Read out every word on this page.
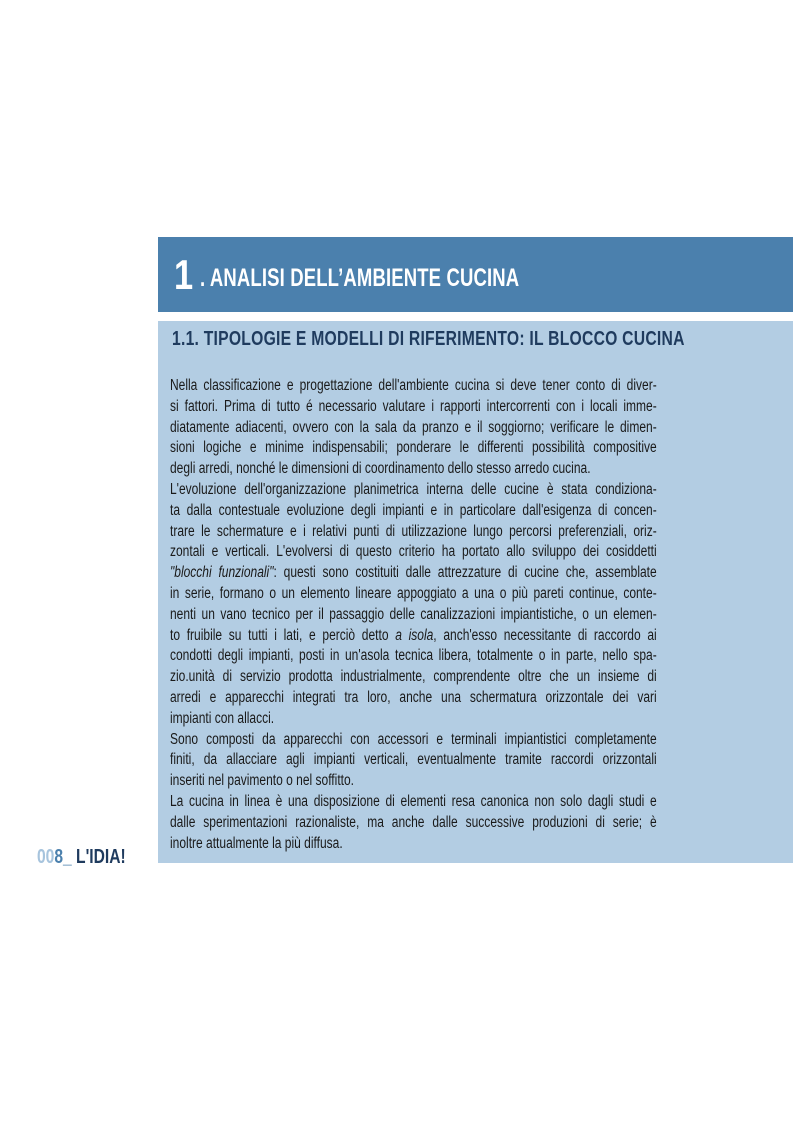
1 . ANALISI DELL’AMBIENTE CUCINA
1.1. TIPOLOGIE E MODELLI DI RIFERIMENTO: IL BLOCCO CUCINA
Nella classificazione e progettazione dell'ambiente cucina si deve tener conto di diver-
si fattori. Prima di tutto é necessario valutare i rapporti intercorrenti con i locali imme-
diatamente adiacenti, ovvero con la sala da pranzo e il soggiorno; verificare le dimen-
sioni logiche e minime indispensabili; ponderare le differenti possibilità compositive
degli arredi, nonché le dimensioni di coordinamento dello stesso arredo cucina.
L'evoluzione dell'organizzazione planimetrica interna delle cucine è stata condiziona-
ta dalla contestuale evoluzione degli impianti e in particolare dall'esigenza di concen-
trare le schermature e i relativi punti di utilizzazione lungo percorsi preferenziali, oriz-
zontali e verticali. L'evolversi di questo criterio ha portato allo sviluppo dei cosiddetti
"blocchi funzionali": questi sono costituiti dalle attrezzature di cucine che, assemblate
in serie, formano o un elemento lineare appoggiato a una o più pareti continue, conte-
nenti un vano tecnico per il passaggio delle canalizzazioni impiantistiche, o un elemen-
to fruibile su tutti i lati, e perciò detto a isola, anch'esso necessitante di raccordo ai
condotti degli impianti, posti in un'asola tecnica libera, totalmente o in parte, nello spa-
zio.unità di servizio prodotta industrialmente, comprendente oltre che un insieme di
arredi e apparecchi integrati tra loro, anche una schermatura orizzontale dei vari
impianti con allacci.
Sono composti da apparecchi con accessori e terminali impiantistici completamente
finiti, da allacciare agli impianti verticali, eventualmente tramite raccordi orizzontali
inseriti nel pavimento o nel soffitto.
La cucina in linea è una disposizione di elementi resa canonica non solo dagli studi e
dalle sperimentazioni razionaliste, ma anche dalle successive produzioni di serie; è
inoltre attualmente la più diffusa.
008_ L'IDIA!
